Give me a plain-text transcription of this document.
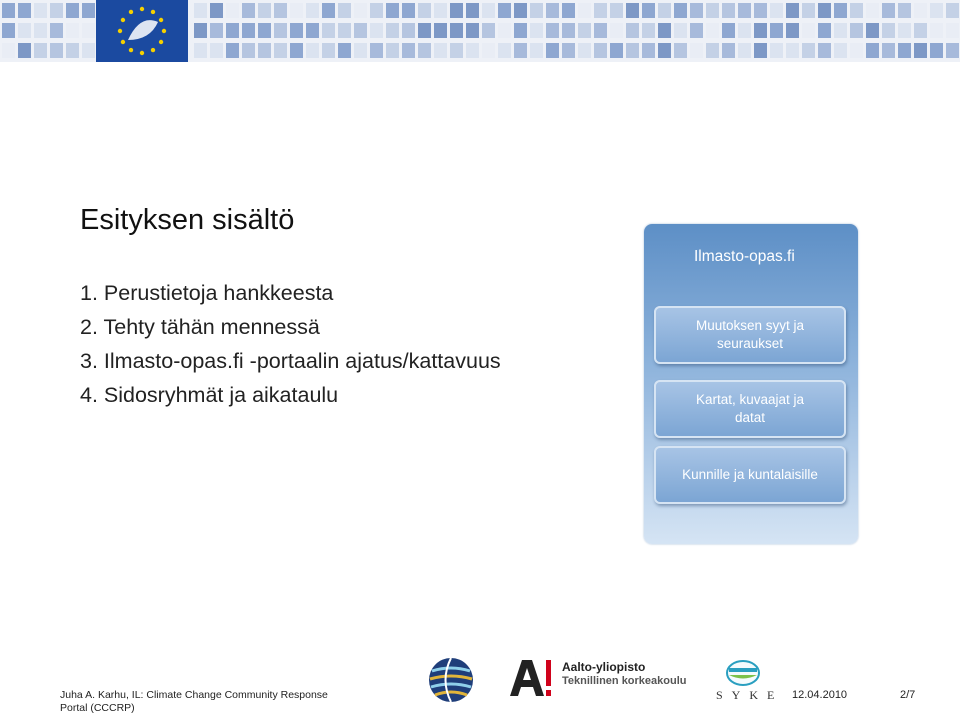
Esityksen sisältö
1. Perustietoja hankkeesta
2. Tehty tähän mennessä
3. Ilmasto-opas.fi -portaalin ajatus/kattavuus
4. Sidosryhmät ja aikataulu
Ilmasto-opas.fi
Muutoksen syyt ja seuraukset
Kartat, kuvaajat ja datat
Kunnille ja kuntalaisille
Juha A. Karhu, IL: Climate Change Community Response Portal (CCCRP)
Aalto-yliopisto
Teknillinen korkeakoulu
SYKE 12.04.2010	2/7
